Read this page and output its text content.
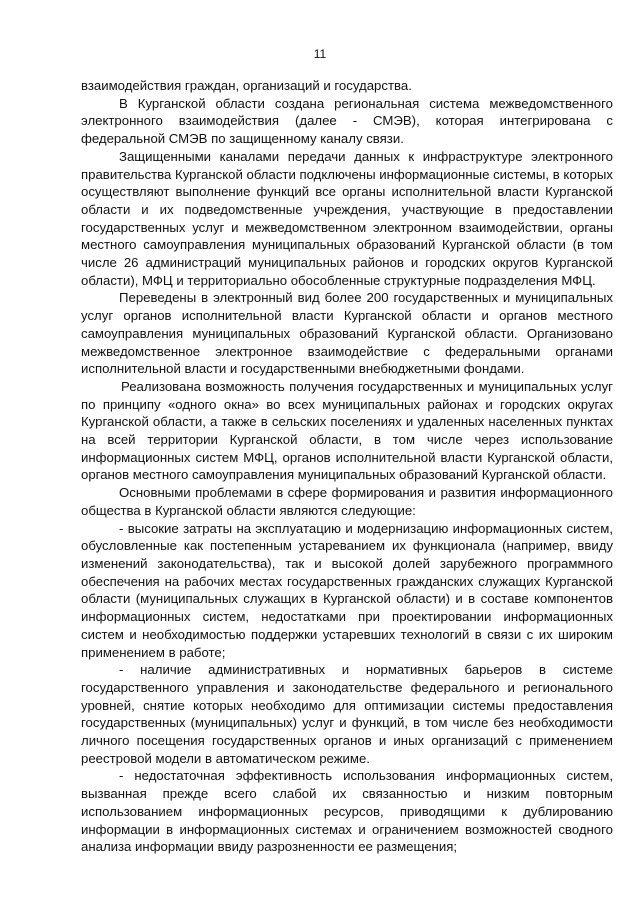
11

взаимодействия граждан, организаций и государства.

В Курганской области создана региональная система межведомственного электронного взаимодействия (далее - СМЭВ), которая интегрирована с федеральной СМЭВ по защищенному каналу связи.

Защищенными каналами передачи данных к инфраструктуре электронного правительства Курганской области подключены информационные системы, в которых осуществляют выполнение функций все органы исполнительной власти Курганской области и их подведомственные учреждения, участвующие в предоставлении государственных услуг и межведомственном электронном взаимодействии, органы местного самоуправления муниципальных образований Курганской области (в том числе 26 администраций муниципальных районов и городских округов Курганской области), МФЦ и территориально обособленные структурные подразделения МФЦ.

Переведены в электронный вид более 200 государственных и муниципальных услуг органов исполнительной власти Курганской области и органов местного самоуправления муниципальных образований Курганской области. Организовано межведомственное электронное взаимодействие с федеральными органами исполнительной власти и государственными внебюджетными фондами.

Реализована возможность получения государственных и муниципальных услуг по принципу «одного окна» во всех муниципальных районах и городских округах Курганской области, а также в сельских поселениях и удаленных населенных пунктах на всей территории Курганской области, в том числе через использование информационных систем МФЦ, органов исполнительной власти Курганской области, органов местного самоуправления муниципальных образований Курганской области.

Основными проблемами в сфере формирования и развития информационного общества в Курганской области являются следующие:

- высокие затраты на эксплуатацию и модернизацию информационных систем, обусловленные как постепенным устареванием их функционала (например, ввиду изменений законодательства), так и высокой долей зарубежного программного обеспечения на рабочих местах государственных гражданских служащих Курганской области (муниципальных служащих в Курганской области) и в составе компонентов информационных систем, недостатками при проектировании информационных систем и необходимостью поддержки устаревших технологий в связи с их широким применением в работе;

- наличие административных и нормативных барьеров в системе государственного управления и законодательстве федерального и регионального уровней, снятие которых необходимо для оптимизации системы предоставления государственных (муниципальных) услуг и функций, в том числе без необходимости личного посещения государственных органов и иных организаций с применением реестровой модели в автоматическом режиме.

- недостаточная эффективность использования информационных систем, вызванная прежде всего слабой их связанностью и низким повторным использованием информационных ресурсов, приводящими к дублированию информации в информационных системах и ограничением возможностей сводного анализа информации ввиду разрозненности ее размещения;
